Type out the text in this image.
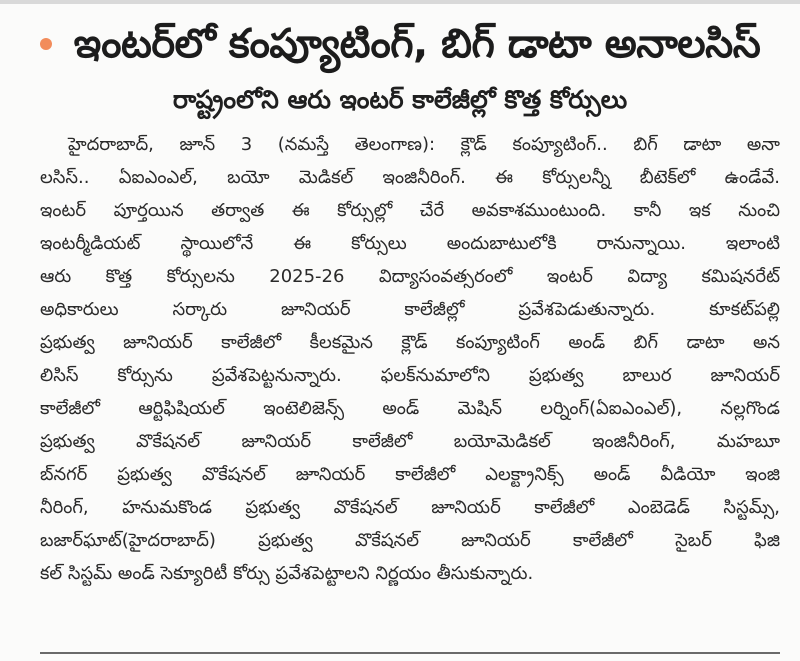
ఇంటర్‌లో కంప్యూటింగ్, బిగ్ డాటా అనాలసిస్
రాష్ట్రంలోని ఆరు ఇంటర్ కాలేజీల్లో కొత్త కోర్సులు
హైదరాబాద్, జూన్ 3 (నమస్తే తెలంగాణ): క్లౌడ్ కంప్యూటింగ్.. బిగ్ డాటా అనా
లసిస్.. ఏఐఎంఎల్, బయో మెడికల్ ఇంజినీరింగ్. ఈ కోర్సులన్నీ బీటెక్‌లో ఉండేవే.
ఇంటర్ పూర్తయిన తర్వాత ఈ కోర్సుల్లో చేరే అవకాశముంటుంది. కానీ ఇక నుంచి
ఇంటర్మీడియట్ స్థాయిలోనే ఈ కోర్సులు అందుబాటులోకి రానున్నాయి. ఇలాంటి
ఆరు కొత్త కోర్సులను 2025-26 విద్యాసంవత్సరంలో ఇంటర్ విద్యా కమిషనరేట్
అధికారులు సర్కారు జూనియర్ కాలేజీల్లో ప్రవేశపెడుతున్నారు. కూకట్‌పల్లి
ప్రభుత్వ జూనియర్ కాలేజీలో కీలకమైన క్లౌడ్ కంప్యూటింగ్ అండ్ బిగ్ డాటా అన
లిసిస్ కోర్సును ప్రవేశపెట్టనున్నారు. ఫలక్‌నుమాలోని ప్రభుత్వ బాలుర జూనియర్
కాలేజీలో ఆర్టిఫిషియల్ ఇంటెలిజెన్స్ అండ్ మెషిన్ లర్నింగ్(ఏఐఎంఎల్), నల్లగొండ
ప్రభుత్వ వొకేషనల్ జూనియర్ కాలేజీలో బయోమెడికల్ ఇంజినీరింగ్, మహబూ
బ్‌నగర్ ప్రభుత్వ వొకేషనల్ జూనియర్ కాలేజీలో ఎలక్ట్రానిక్స్ అండ్ వీడియో ఇంజి
నీరింగ్, హనుమకొండ ప్రభుత్వ వొకేషనల్ జూనియర్ కాలేజీలో ఎంబెడెడ్ సిస్టమ్స్,
బజార్‌ఘాట్(హైదరాబాద్) ప్రభుత్వ వొకేషనల్ జూనియర్ కాలేజీలో సైబర్ ఫిజి
కల్ సిస్టమ్ అండ్ సెక్యూరిటీ కోర్సు ప్రవేశపెట్టాలని నిర్ణయం తీసుకున్నారు.
